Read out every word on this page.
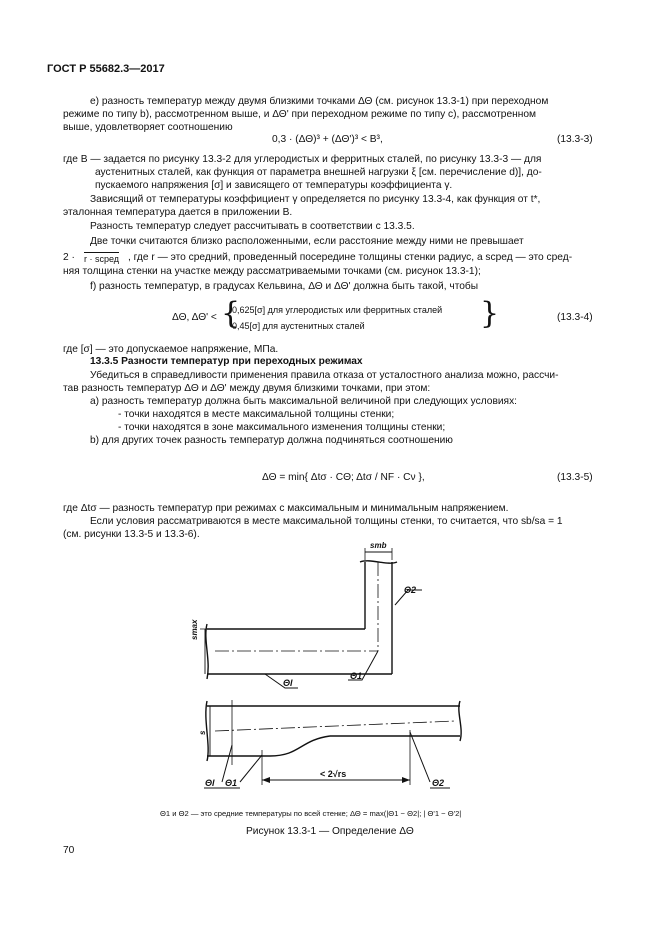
ГОСТ Р 55682.3—2017
е) разность температур между двумя близкими точками ΔΘ (см. рисунок 13.3-1) при переходном
режиме по типу b), рассмотренном выше, и ΔΘ' при переходном режиме по типу с), рассмотренном
выше, удовлетворяет соотношению
0,3 · (ΔΘ)³ + (ΔΘ')³ < B³,	(13.3-3)
где B — задается по рисунку 13.3-2 для углеродистых и ферритных сталей, по рисунку 13.3-3 — для
аустенитных сталей, как функция от параметра внешней нагрузки ξ [см. перечисление d)], до-
пускаемого напряжения [σ] и зависящего от температуры коэффициента γ.
Зависящий от температуры коэффициент γ определяется по рисунку 13.3-4, как функция от t*,
эталонная температура дается в приложении В.
Разность температур следует рассчитывать в соответствии с 13.3.5.
Две точки считаются близко расположенными, если расстояние между ними не превышает
2 · r · sсред , где r — это средний, проведенный посередине толщины стенки радиус, а sсред — это сред-
няя толщина стенки на участке между рассматриваемыми точками (см. рисунок 13.3-1);
f) разность температур, в градусах Кельвина, ΔΘ и ΔΘ' должна быть такой, чтобы
ΔΘ, ΔΘ' < {
0,625[σ] для углеродистых или ферритных сталей
0,45[σ] для аустенитных сталей	}	(13.3-4)
где [σ] — это допускаемое напряжение, МПа.
13.3.5 Разности температур при переходных режимах
Убедиться в справедливости применения правила отказа от усталостного анализа можно, рассчи-
тав разность температур ΔΘ и ΔΘ' между двумя близкими точками, при этом:
а) разность температур должна быть максимальной величиной при следующих условиях:
- точки находятся в месте максимальной толщины стенки;
- точки находятся в зоне максимального изменения толщины стенки;
b) для других точек разность температур должна подчиняться соотношению
ΔΘ = min{ Δtσ · CΘ; Δtσ / NF · Cν },	(13.3-5)
где Δtσ — разность температур при режимах с максимальным и минимальным напряжением.
Если условия рассматриваются в месте максимальной толщины стенки, то считается, что sb/sa = 1
(см. рисунки 13.3-5 и 13.3-6).
smb
Θ2
smax
Θl
Θ1
s
Θl Θ1
< 2√rs
Θ2
Θ1 и Θ2 — это средние температуры по всей стенке; ΔΘ = max(|Θ1 − Θ2|; | Θ'1 − Θ'2|
Рисунок 13.3-1 — Определение ΔΘ
70
